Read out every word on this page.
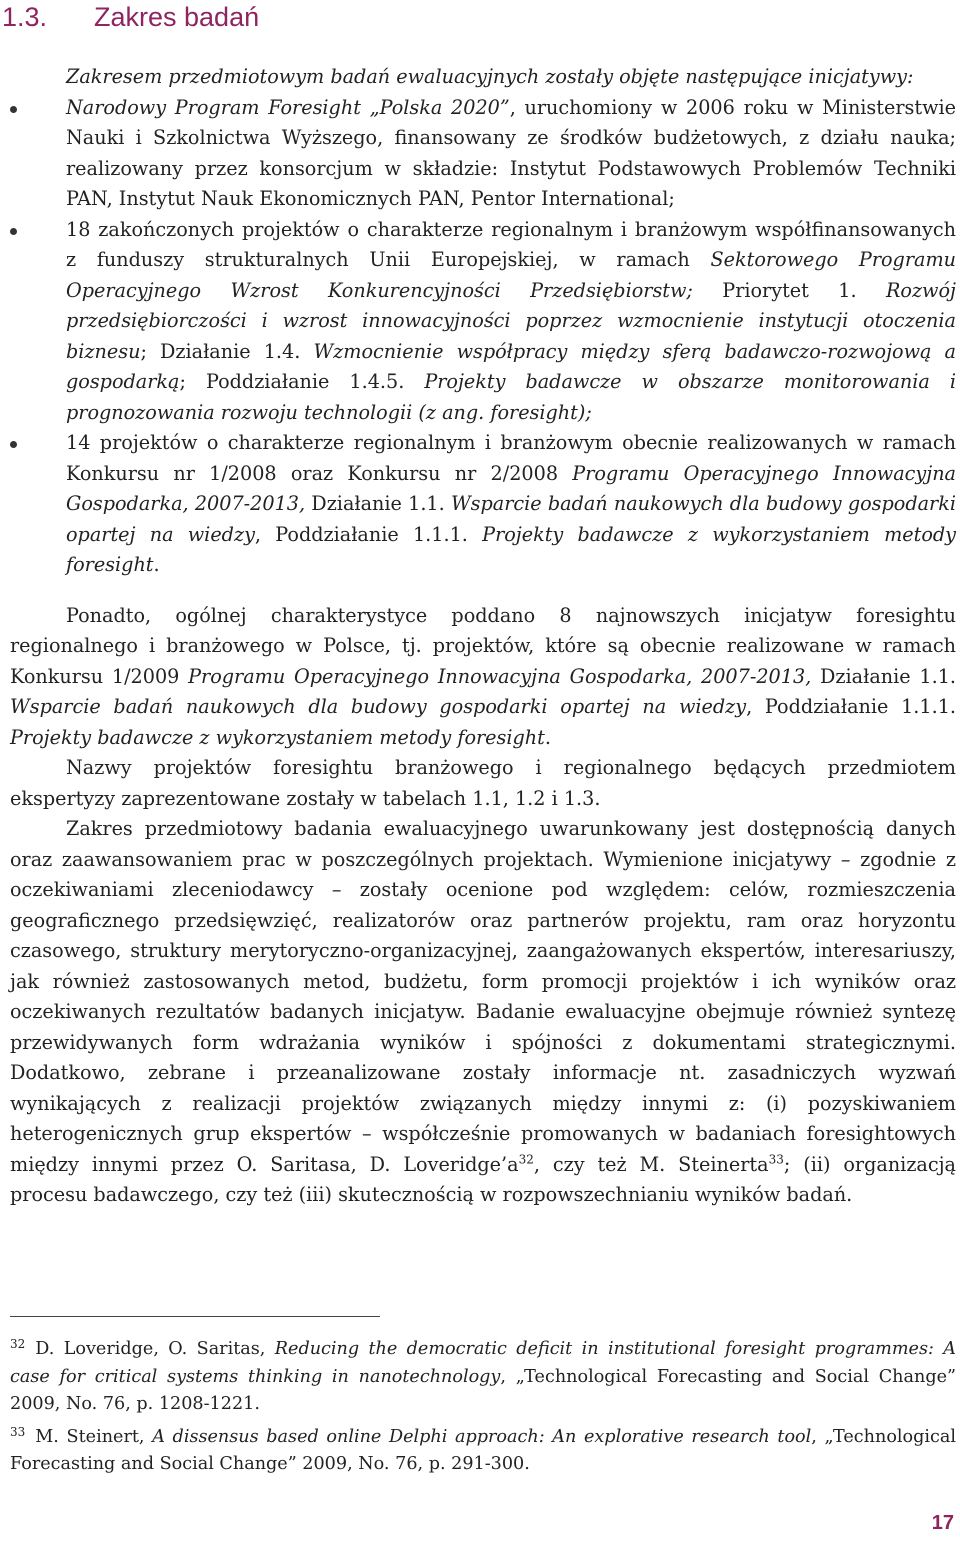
1.3. Zakres badań

Zakresem przedmiotowym badań ewaluacyjnych zostały objęte następujące inicjatywy:

Narodowy Program Foresight „Polska 2020”, uruchomiony w 2006 roku w Ministerstwie Nauki i Szkolnictwa Wyższego, finansowany ze środków budżetowych, z działu nauka; realizowany przez konsorcjum w składzie: Instytut Podstawowych Problemów Techniki PAN, Instytut Nauk Ekonomicznych PAN, Pentor International;
18 zakończonych projektów o charakterze regionalnym i branżowym współfinansowanych z funduszy strukturalnych Unii Europejskiej, w ramach Sektorowego Programu Operacyjnego Wzrost Konkurencyjności Przedsiębiorstw; Priorytet 1. Rozwój przedsiębiorczości i wzrost innowacyjności poprzez wzmocnienie instytucji otoczenia biznesu; Działanie 1.4. Wzmocnienie współpracy między sferą badawczo-rozwojową a gospodarką; Poddziałanie 1.4.5. Projekty badawcze w obszarze monitorowania i prognozowania rozwoju technologii (z ang. foresight);
14 projektów o charakterze regionalnym i branżowym obecnie realizowanych w ramach Konkursu nr 1/2008 oraz Konkursu nr 2/2008 Programu Operacyjnego Innowacyjna Gospodarka, 2007-2013, Działanie 1.1. Wsparcie badań naukowych dla budowy gospodarki opartej na wiedzy, Poddziałanie 1.1.1. Projekty badawcze z wykorzystaniem metody foresight.

Ponadto, ogólnej charakterystyce poddano 8 najnowszych inicjatyw foresightu regionalnego i branżowego w Polsce, tj. projektów, które są obecnie realizowane w ramach Konkursu 1/2009 Programu Operacyjnego Innowacyjna Gospodarka, 2007-2013, Działanie 1.1. Wsparcie badań naukowych dla budowy gospodarki opartej na wiedzy, Poddziałanie 1.1.1. Projekty badawcze z wykorzystaniem metody foresight.

Nazwy projektów foresightu branżowego i regionalnego będących przedmiotem ekspertyzy zaprezentowane zostały w tabelach 1.1, 1.2 i 1.3.

Zakres przedmiotowy badania ewaluacyjnego uwarunkowany jest dostępnością danych oraz zaawansowaniem prac w poszczególnych projektach. Wymienione inicjatywy – zgodnie z oczekiwaniami zleceniodawcy – zostały ocenione pod względem: celów, rozmieszczenia geograficznego przedsięwzięć, realizatorów oraz partnerów projektu, ram oraz horyzontu czasowego, struktury merytoryczno-organizacyjnej, zaangażowanych ekspertów, interesariuszy, jak również zastosowanych metod, budżetu, form promocji projektów i ich wyników oraz oczekiwanych rezultatów badanych inicjatyw. Badanie ewaluacyjne obejmuje również syntezę przewidywanych form wdrażania wyników i spójności z dokumentami strategicznymi. Dodatkowo, zebrane i przeanalizowane zostały informacje nt. zasadniczych wyzwań wynikających z realizacji projektów związanych między innymi z: (i) pozyskiwaniem heterogenicznych grup ekspertów – współcześnie promowanych w badaniach foresightowych między innymi przez O. Saritasa, D. $Loveridge’a^{32}$, czy też M. Steinerta$^{33}$; (ii) organizacją procesu badawczego, czy też (iii) skutecznością w rozpowszechnianiu wyników badań.

$^{32}$ D. Loveridge, O. Saritas, Reducing the democratic deficit in institutional foresight programmes: A case for critical systems thinking in nanotechnology, „Technological Forecasting and Social Change” 2009, No. 76, p. 1208-1221.

$^{33}$ M. Steinert, A dissensus based online Delphi approach: An explorative research tool, „Technological Forecasting and Social Change” 2009, No. 76, p. 291-300.

17
